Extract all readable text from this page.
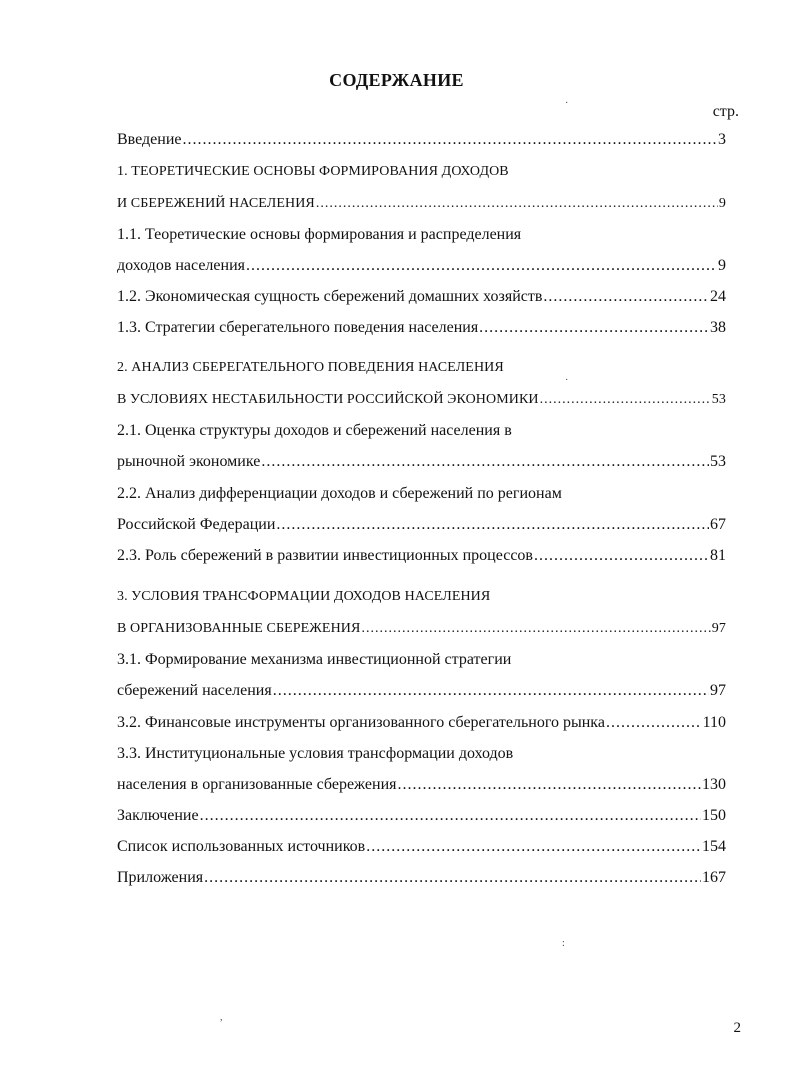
СОДЕРЖАНИЕ
стр.
Введение .....	3
1. ТЕОРЕТИЧЕСКИЕ ОСНОВЫ ФОРМИРОВАНИЯ ДОХОДОВ
И СБЕРЕЖЕНИЙ НАСЕЛЕНИЯ .....	9
1.1. Теоретические основы формирования и распределения
доходов населения .....	9
1.2. Экономическая сущность сбережений домашних хозяйств .....	24
1.3. Стратегии сберегательного поведения населения .....	38
2. АНАЛИЗ СБЕРЕГАТЕЛЬНОГО ПОВЕДЕНИЯ НАСЕЛЕНИЯ
В УСЛОВИЯХ НЕСТАБИЛЬНОСТИ РОССИЙСКОЙ ЭКОНОМИКИ .....	53
2.1. Оценка структуры доходов и сбережений населения в
рыночной экономике .....	53
2.2. Анализ дифференциации доходов и сбережений по регионам
Российской Федерации .....	67
2.3. Роль сбережений в развитии инвестиционных процессов .....	81
3. УСЛОВИЯ ТРАНСФОРМАЦИИ ДОХОДОВ НАСЕЛЕНИЯ
В ОРГАНИЗОВАННЫЕ СБЕРЕЖЕНИЯ .....	97
3.1. Формирование механизма инвестиционной стратегии
сбережений населения .....	97
3.2. Финансовые инструменты организованного сберегательного рынка .....	110
3.3. Институциональные условия трансформации доходов
населения в организованные сбережения .....	130
Заключение .....	150
Список использованных источников .....	154
Приложения .....	167
·
·
:
,
2
